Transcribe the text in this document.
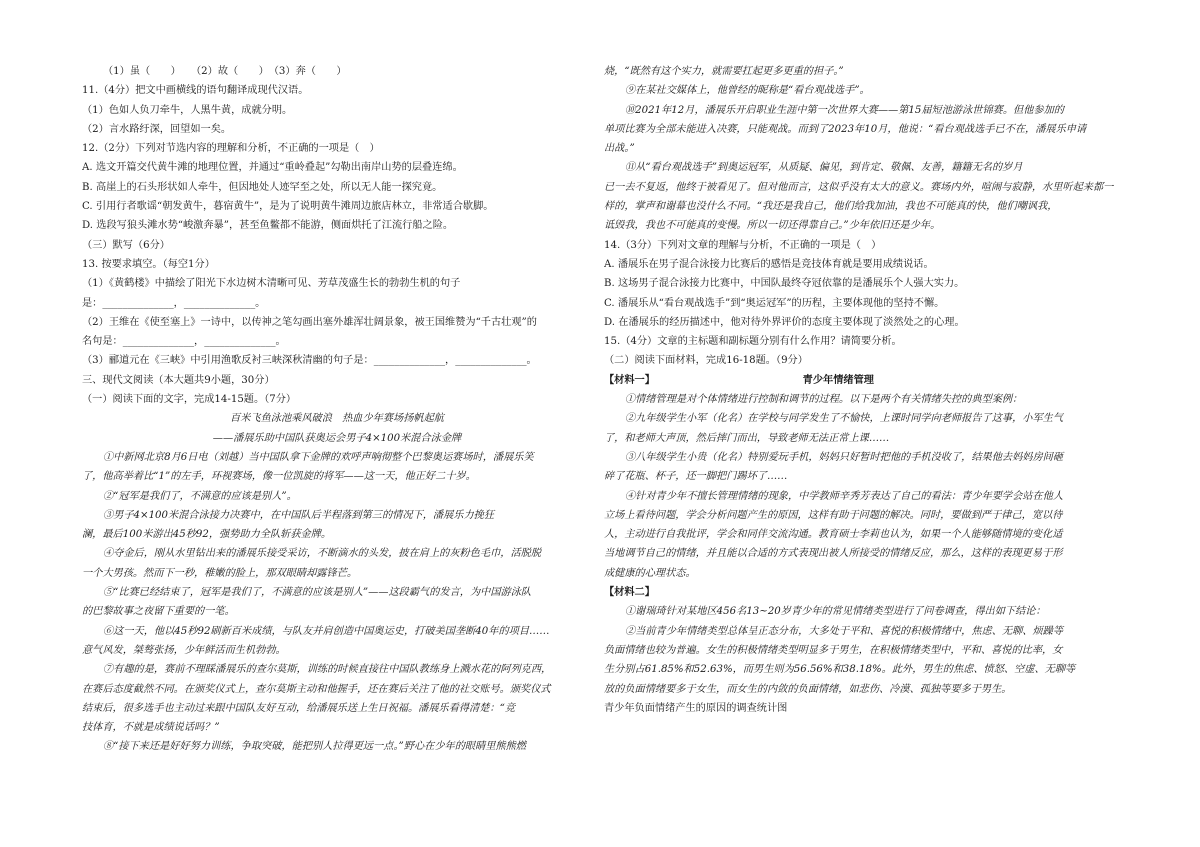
（1）虽（　　）　　（2）故（　　）　（3）奔（　　）
11.（4分）把文中画横线的语句翻译成现代汉语。
（1）色如人负刀牵牛，人黑牛黄，成就分明。
（2）言水路纡深，回望如一矣。
12.（2分）下列对节选内容的理解和分析，不正确的一项是（　）
A. 选文开篇交代黄牛滩的地理位置，并通过“重岭叠起”勾勒出南岸山势的层叠连绵。
B. 高崖上的石头形状如人牵牛，但因地处人迹罕至之处，所以无人能一探究竟。
C. 引用行者歌谣“朝发黄牛，暮宿黄牛”，是为了说明黄牛滩周边旅店林立，非常适合歇脚。
D. 选段写狼头滩水势“峻激奔暴”，甚至鱼鳖都不能游，侧面烘托了江流行船之险。
（三）默写（6分）
13. 按要求填空。（每空1分）
（1）《黄鹤楼》中描绘了阳光下水边树木清晰可见、芳草茂盛生长的勃勃生机的句子
是：______________，______________。
（2）王维在《使至塞上》一诗中，以传神之笔勾画出塞外雄浑壮阔景象，被王国维赞为“千古壮观”的
名句是：______________，______________。
（3）郦道元在《三峡》中引用渔歌反衬三峡深秋清幽的句子是：______________，______________。
三、现代文阅读（本大题共9小题，30分）
（一）阅读下面的文字，完成14-15题。（7分）
百米飞鱼泳池乘风破浪　热血少年赛场扬帆起航
——潘展乐助中国队获奥运会男子4×100米混合泳金牌
①中新网北京8月6日电（刘越）当中国队拿下金牌的欢呼声响彻整个巴黎奥运赛场时，潘展乐笑
了，他高举着比“1”的左手，环视赛场，像一位凯旋的将军——这一天，他正好二十岁。
②“冠军是我们了，不满意的应该是别人”。
③男子4×100米混合泳接力决赛中，在中国队后半程落到第三的情况下，潘展乐力挽狂
澜，最后100米游出45秒92，强势助力全队斩获金牌。
④夺金后，刚从水里钻出来的潘展乐接受采访，不断滴水的头发，披在肩上的灰粉色毛巾，活脱脱
一个大男孩。然而下一秒，稚嫩的脸上，那双眼睛却露锋芒。
⑤“比赛已经结束了，冠军是我们了，不满意的应该是别人”——这段霸气的发言，为中国游泳队
的巴黎故事之夜留下重要的一笔。
⑥这一天，他以45秒92刷新百米成绩，与队友并肩创造中国奥运史，打破美国垄断40年的项目……
意气风发，桀骜张扬，少年鲜活而生机勃勃。
⑦有趣的是，赛前不理睬潘展乐的查尔莫斯，训练的时候直接往中国队教练身上溅水花的阿列克西，
在赛后态度截然不同。在颁奖仪式上，查尔莫斯主动和他握手，还在赛后关注了他的社交账号。颁奖仪式
结束后，很多选手也主动过来跟中国队友好互动，给潘展乐送上生日祝福。潘展乐看得清楚：“竞
技体育，不就是成绩说话吗？”
⑧“接下来还是好好努力训练，争取突破，能把别人拉得更远一点。”野心在少年的眼睛里熊熊燃
烧，“既然有这个实力，就需要扛起更多更重的担子。”
⑨在某社交媒体上，他曾经的昵称是“看台观战选手”。
⑩2021年12月，潘展乐开启职业生涯中第一次世界大赛——第15届短池游泳世锦赛。但他参加的
单项比赛为全部未能进入决赛，只能观战。而到了2023年10月，他说：“看台观战选手已不在，潘展乐申请
出战。”
⑪从“看台观战选手”到奥运冠军，从质疑、偏见，到肯定、敬佩、友善，籍籍无名的岁月
已一去不复返，他终于被看见了。但对他而言，这似乎没有太大的意义。赛场内外，喧闹与寂静，水里听起来都一
样的，掌声和谢幕也没什么不同。“我还是我自己，他们给我加油，我也不可能真的快，他们嘲讽我，
诋毁我，我也不可能真的变慢。所以一切还得靠自己。”少年依旧还是少年。
14.（3分）下列对文章的理解与分析，不正确的一项是（　）
A. 潘展乐在男子混合泳接力比赛后的感悟是竞技体育就是要用成绩说话。
B. 这场男子混合泳接力比赛中，中国队最终夺冠依靠的是潘展乐个人强大实力。
C. 潘展乐从“看台观战选手”到“奥运冠军”的历程，主要体现他的坚持不懈。
D. 在潘展乐的经历描述中，他对待外界评价的态度主要体现了淡然处之的心理。
15.（4分）文章的主标题和副标题分别有什么作用？请简要分析。
（二）阅读下面材料，完成16-18题。（9分）
【材料一】　　　　　　　　　　　　　　　青少年情绪管理
①情绪管理是对个体情绪进行控制和调节的过程。以下是两个有关情绪失控的典型案例：
②九年级学生小军（化名）在学校与同学发生了不愉快，上课时同学向老师报告了这事，小军生气
了，和老师大声顶，然后摔门而出，导致老师无法正常上课……
③八年级学生小贵（化名）特别爱玩手机，妈妈只好暂时把他的手机没收了，结果他去妈妈房间砸
碎了花瓶、杯子，还一脚把门踢坏了……
④针对青少年不擅长管理情绪的现象，中学教师辛秀芳表达了自己的看法：青少年要学会站在他人
立场上看待问题，学会分析问题产生的原因，这样有助于问题的解决。同时，要做到严于律己，宽以待
人，主动进行自我批评，学会和同伴交流沟通。教育硕士李莉也认为，如果一个人能够随情境的变化适
当地调节自己的情绪，并且能以合适的方式表现出被人所接受的情绪反应，那么，这样的表现更易于形
成健康的心理状态。
【材料二】
①谢瑞琦针对某地区456名13~20岁青少年的常见情绪类型进行了问卷调查，得出如下结论：
②当前青少年情绪类型总体呈正态分布，大多处于平和、喜悦的积极情绪中，焦虑、无聊、烦躁等
负面情绪也较为普遍。女生的积极情绪类型明显多于男生，在积极情绪类型中，平和、喜悦的比率，女
生分别占61.85%和52.63%，而男生则为56.56%和38.18%。此外，男生的焦虑、愤怒、空虚、无聊等
放的负面情绪要多于女生，而女生的内敛的负面情绪，如悲伤、冷漠、孤独等要多于男生。
青少年负面情绪产生的原因的调查统计图
